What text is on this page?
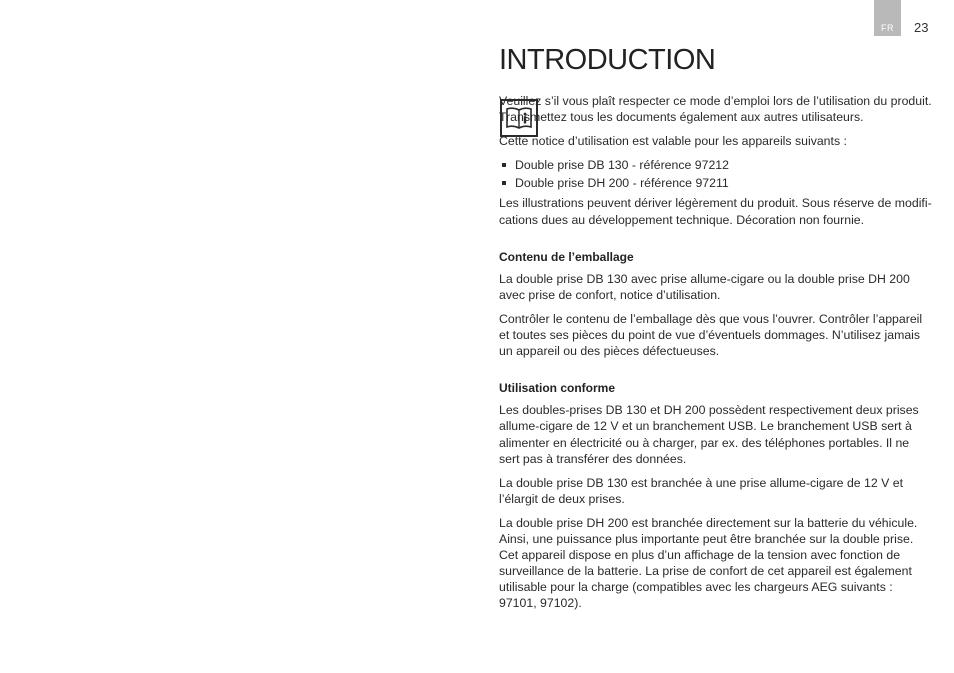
FR 23
INTRODUCTION

Veuillez s’il vous plaît respecter ce mode d’emploi lors de l’utilisation du produit. Transmettez tous les documents également aux autres utilisateurs.

Cette notice d’utilisation est valable pour les appareils suivants :

Double prise DB 130 - référence 97212
Double prise DH 200 - référence 97211

Les illustrations peuvent dériver légèrement du produit. Sous réserve de modifications dues au développement technique. Décoration non fournie.

Contenu de l’emballage

La double prise DB 130 avec prise allume-cigare ou la double prise DH 200 avec prise de confort, notice d’utilisation.

Contrôler le contenu de l’emballage dès que vous l’ouvrer. Contrôler l’appareil et toutes ses pièces du point de vue d’éventuels dommages. N’utilisez jamais un appareil ou des pièces défectueuses.

Utilisation conforme

Les doubles-prises DB 130 et DH 200 possèdent respectivement deux prises allume-cigare de 12 V et un branchement USB. Le branchement USB sert à alimenter en électricité ou à charger, par ex. des téléphones portables. Il ne sert pas à transférer des données.

La double prise DB 130 est branchée à une prise allume-cigare de 12 V et l’élargit de deux prises.

La double prise DH 200 est branchée directement sur la batterie du véhicule. Ainsi, une puissance plus importante peut être branchée sur la double prise. Cet appareil dispose en plus d’un affichage de la tension avec fonction de surveillance de la batterie. La prise de confort de cet appareil est également utilisable pour la charge (compatibles avec les chargeurs AEG suivants : 97101, 97102).
